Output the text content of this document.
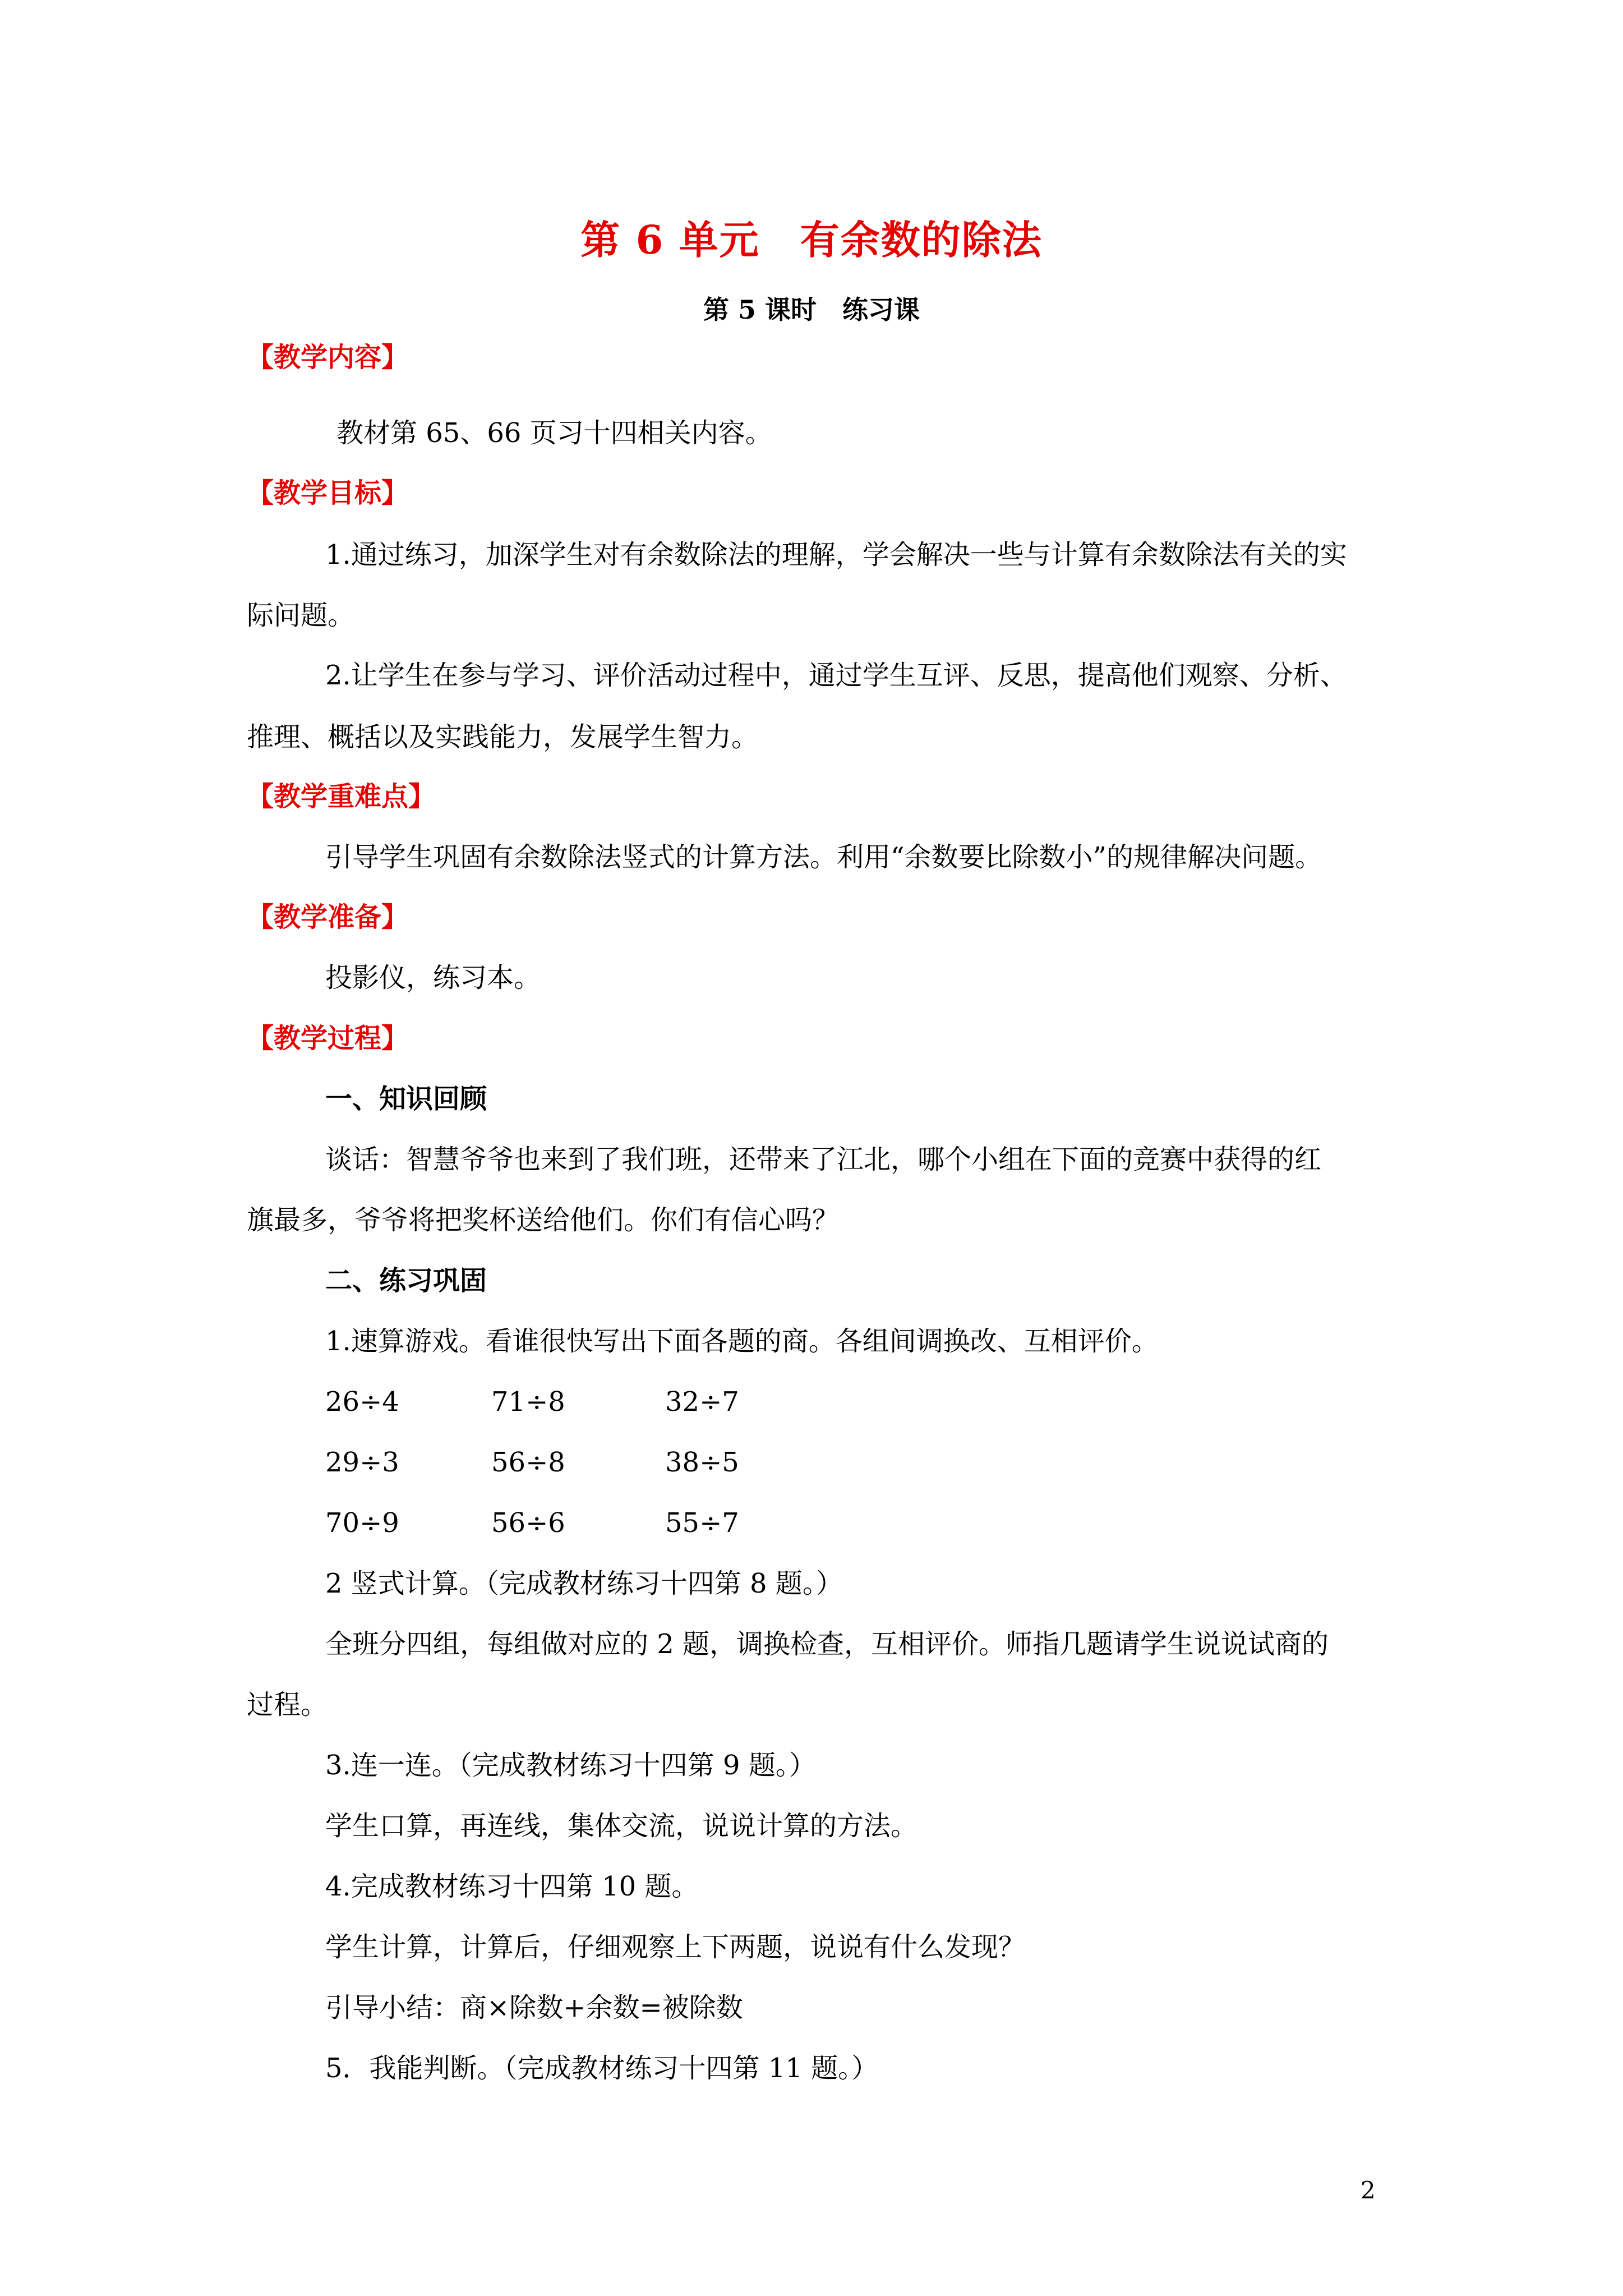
第 6 单元　有余数的除法
第 5 课时　练习课
【教学内容】
教材第 65、66 页习十四相关内容。
【教学目标】
1.通过练习，加深学生对有余数除法的理解，学会解决一些与计算有余数除法有关的实
际问题。
2.让学生在参与学习、评价活动过程中，通过学生互评、反思，提高他们观察、分析、
推理、概括以及实践能力，发展学生智力。
【教学重难点】
引导学生巩固有余数除法竖式的计算方法。利用“余数要比除数小”的规律解决问题。
【教学准备】
投影仪，练习本。
【教学过程】
一、知识回顾
谈话：智慧爷爷也来到了我们班，还带来了江北，哪个小组在下面的竞赛中获得的红
旗最多，爷爷将把奖杯送给他们。你们有信心吗？
二、练习巩固
1.速算游戏。看谁很快写出下面各题的商。各组间调换改、互相评价。
26÷4	71÷8	32÷7
29÷3	56÷8	38÷5
70÷9	56÷6	55÷7
2 竖式计算。（完成教材练习十四第 8 题。）
全班分四组，每组做对应的 2 题，调换检查，互相评价。师指几题请学生说说试商的
过程。
3.连一连。（完成教材练习十四第 9 题。）
学生口算，再连线，集体交流，说说计算的方法。
4.完成教材练习十四第 10 题。
学生计算，计算后，仔细观察上下两题，说说有什么发现？
引导小结：商×除数+余数=被除数
5．我能判断。（完成教材练习十四第 11 题。）
2
